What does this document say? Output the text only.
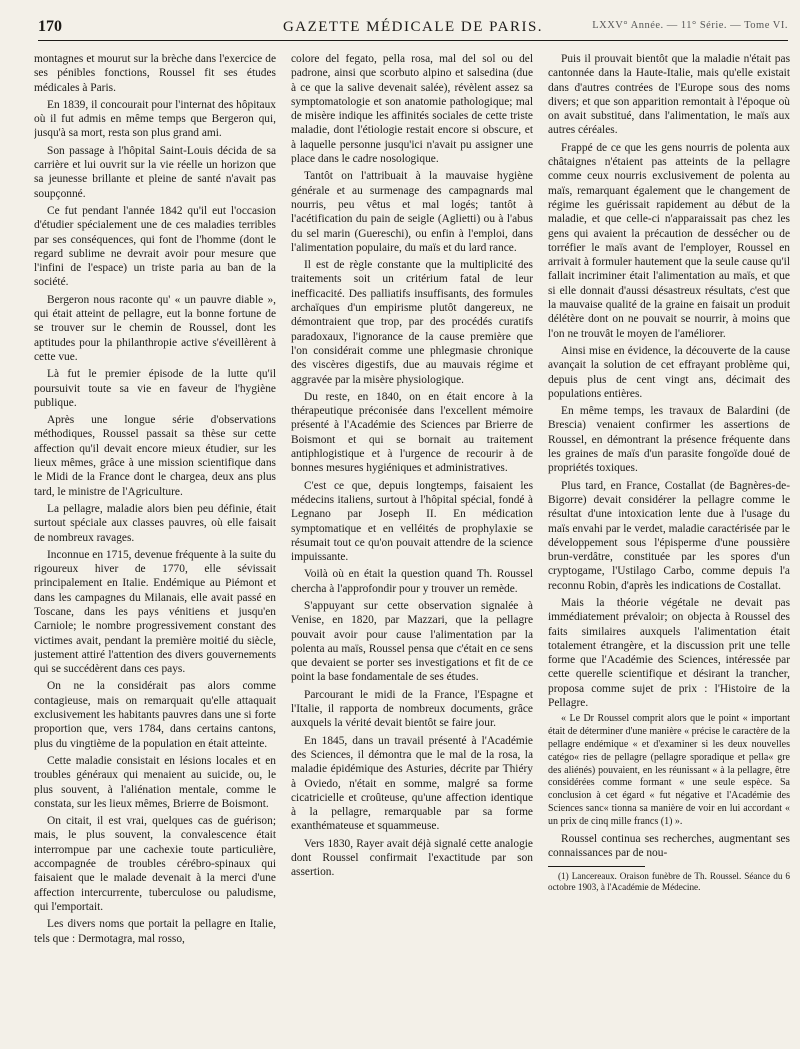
170	GAZETTE MÉDICALE DE PARIS.	LXXV° Année. — 11° Série. — Tome VI.

montagnes et mourut sur la brèche dans l'exercice de ses pénibles fonctions, Roussel fit ses études médicales à Paris.

En 1839, il concourait pour l'internat des hôpitaux où il fut admis en même temps que Bergeron qui, jusqu'à sa mort, resta son plus grand ami.

Son passage à l'hôpital Saint-Louis décida de sa carrière et lui ouvrit sur la vie réelle un horizon que sa jeunesse brillante et pleine de santé n'avait pas soupçonné.

Ce fut pendant l'année 1842 qu'il eut l'occasion d'étudier spécialement une de ces maladies terribles par ses conséquences, qui font de l'homme (dont le regard sublime ne devrait avoir pour mesure que l'infini de l'espace) un triste paria au ban de la société.

Bergeron nous raconte qu' « un pauvre diable », qui était atteint de pellagre, eut la bonne fortune de se trouver sur le chemin de Roussel, dont les aptitudes pour la philanthropie active s'éveillèrent à cette vue.

Là fut le premier épisode de la lutte qu'il poursuivit toute sa vie en faveur de l'hygiène publique.

Après une longue série d'observations méthodiques, Roussel passait sa thèse sur cette affection qu'il devait encore mieux étudier, sur les lieux mêmes, grâce à une mission scientifique dans le Midi de la France dont le chargea, deux ans plus tard, le ministre de l'Agriculture.

La pellagre, maladie alors bien peu définie, était surtout spéciale aux classes pauvres, où elle faisait de nombreux ravages.

Inconnue en 1715, devenue fréquente à la suite du rigoureux hiver de 1770, elle sévissait principalement en Italie. Endémique au Piémont et dans les campagnes du Milanais, elle avait passé en Toscane, dans les pays vénitiens et jusqu'en Carniole; le nombre progressivement constant des victimes avait, pendant la première moitié du siècle, justement attiré l'attention des divers gouvernements qui se succédèrent dans ces pays.

On ne la considérait pas alors comme contagieuse, mais on remarquait qu'elle attaquait exclusivement les habitants pauvres dans une si forte proportion que, vers 1784, dans certains cantons, plus du vingtième de la population en était atteinte.

Cette maladie consistait en lésions locales et en troubles généraux qui menaient au suicide, ou, le plus souvent, à l'aliénation mentale, comme le constata, sur les lieux mêmes, Brierre de Boismont.

On citait, il est vrai, quelques cas de guérison; mais, le plus souvent, la convalescence était interrompue par une cachexie toute particulière, accompagnée de troubles cérébro-spinaux qui faisaient que le malade devenait à la merci d'une affection intercurrente, tuberculose ou paludisme, qui l'emportait.

Les divers noms que portait la pellagre en Italie, tels que : Dermotagra, mal rosso,

colore del fegato, pella rosa, mal del sol ou del padrone, ainsi que scorbuto alpino et salsedina (due à ce que la salive devenait salée), révèlent assez sa symptomatologie et son anatomie pathologique; mal de misère indique les affinités sociales de cette triste maladie, dont l'étiologie restait encore si obscure, et à laquelle personne jusqu'ici n'avait pu assigner une place dans le cadre nosologique.

Tantôt on l'attribuait à la mauvaise hygiène générale et au surmenage des campagnards mal nourris, peu vêtus et mal logés; tantôt à l'acétification du pain de seigle (Aglietti) ou à l'abus du sel marin (Guereschi), ou enfin à l'emploi, dans l'alimentation populaire, du maïs et du lard rance.

Il est de règle constante que la multiplicité des traitements soit un critérium fatal de leur inefficacité. Des palliatifs insuffisants, des formules archaïques d'un empirisme plutôt dangereux, ne démontraient que trop, par des procédés curatifs paradoxaux, l'ignorance de la cause première que l'on considérait comme une phlegmasie chronique des viscères digestifs, due au mauvais régime et aggravée par la misère physiologique.

Du reste, en 1840, on en était encore à la thérapeutique préconisée dans l'excellent mémoire présenté à l'Académie des Sciences par Brierre de Boismont et qui se bornait au traitement antiphlogistique et à l'urgence de recourir à de bonnes mesures hygiéniques et administratives.

C'est ce que, depuis longtemps, faisaient les médecins italiens, surtout à l'hôpital spécial, fondé à Legnano par Joseph II. En médication symptomatique et en velléités de prophylaxie se résumait tout ce qu'on pouvait attendre de la science impuissante.

Voilà où en était la question quand Th. Roussel chercha à l'approfondir pour y trouver un remède.

S'appuyant sur cette observation signalée à Venise, en 1820, par Mazzari, que la pellagre pouvait avoir pour cause l'alimentation par la polenta au maïs, Roussel pensa que c'était en ce sens que devaient se porter ses investigations et fit de ce point la base fondamentale de ses études.

Parcourant le midi de la France, l'Espagne et l'Italie, il rapporta de nombreux documents, grâce auxquels la vérité devait bientôt se faire jour.

En 1845, dans un travail présenté à l'Académie des Sciences, il démontra que le mal de la rosa, la maladie épidémique des Asturies, décrite par Thiéry à Oviedo, n'était en somme, malgré sa forme cicatricielle et croûteuse, qu'une affection identique à la pellagre, remarquable par sa forme exanthémateuse et squammeuse.

Vers 1830, Rayer avait déjà signalé cette analogie dont Roussel confirmait l'exactitude par son assertion.

Puis il prouvait bientôt que la maladie n'était pas cantonnée dans la Haute-Italie, mais qu'elle existait dans d'autres contrées de l'Europe sous des noms divers; et que son apparition remontait à l'époque où on avait substitué, dans l'alimentation, le maïs aux autres céréales.

Frappé de ce que les gens nourris de polenta aux châtaignes n'étaient pas atteints de la pellagre comme ceux nourris exclusivement de polenta au maïs, remarquant également que le changement de régime les guérissait rapidement au début de la maladie, et que celle-ci n'apparaissait pas chez les gens qui avaient la précaution de dessécher ou de torréfier le maïs avant de l'employer, Roussel en arrivait à formuler hautement que la seule cause qu'il fallait incriminer était l'alimentation au maïs, et que si elle donnait d'aussi désastreux résultats, c'est que la mauvaise qualité de la graine en faisait un produit délétère dont on ne pouvait se nourrir, à moins que l'on ne trouvât le moyen de l'améliorer.

Ainsi mise en évidence, la découverte de la cause avançait la solution de cet effrayant problème qui, depuis plus de cent vingt ans, décimait des populations entières.

En même temps, les travaux de Balardini (de Brescia) venaient confirmer les assertions de Roussel, en démontrant la présence fréquente dans les graines de maïs d'un parasite fongoïde doué de propriétés toxiques.

Plus tard, en France, Costallat (de Bagnères-de-Bigorre) devait considérer la pellagre comme le résultat d'une intoxication lente due à l'usage du maïs envahi par le verdet, maladie caractérisée par le développement sous l'épisperme d'une poussière brun-verdâtre, constituée par les spores d'un cryptogame, l'Ustilago Carbo, comme depuis l'a reconnu Robin, d'après les indications de Costallat.

Mais la théorie végétale ne devait pas immédiatement prévaloir; on objecta à Roussel des faits similaires auxquels l'alimentation était totalement étrangère, et la discussion prit une telle forme que l'Académie des Sciences, intéressée par cette querelle scientifique et désirant la trancher, proposa comme sujet de prix : l'Histoire de la Pellagre.

« Le Dr Roussel comprit alors que le point « important était de déterminer d'une manière « précise le caractère de la pellagre endémique « et d'examiner si les deux nouvelles catégo« ries de pellagre (pellagre sporadique et pella« gre des aliénés) pouvaient, en les réunissant « à la pellagre, être considérées comme formant « une seule espèce. Sa conclusion à cet égard « fut négative et l'Académie des Sciences sanc« tionna sa manière de voir en lui accordant « un prix de cinq mille francs (1) ».

Roussel continua ses recherches, augmentant ses connaissances par de nou-

(1) Lancereaux. Oraison funèbre de Th. Roussel. Séance du 6 octobre 1903, à l'Académie de Médecine.
